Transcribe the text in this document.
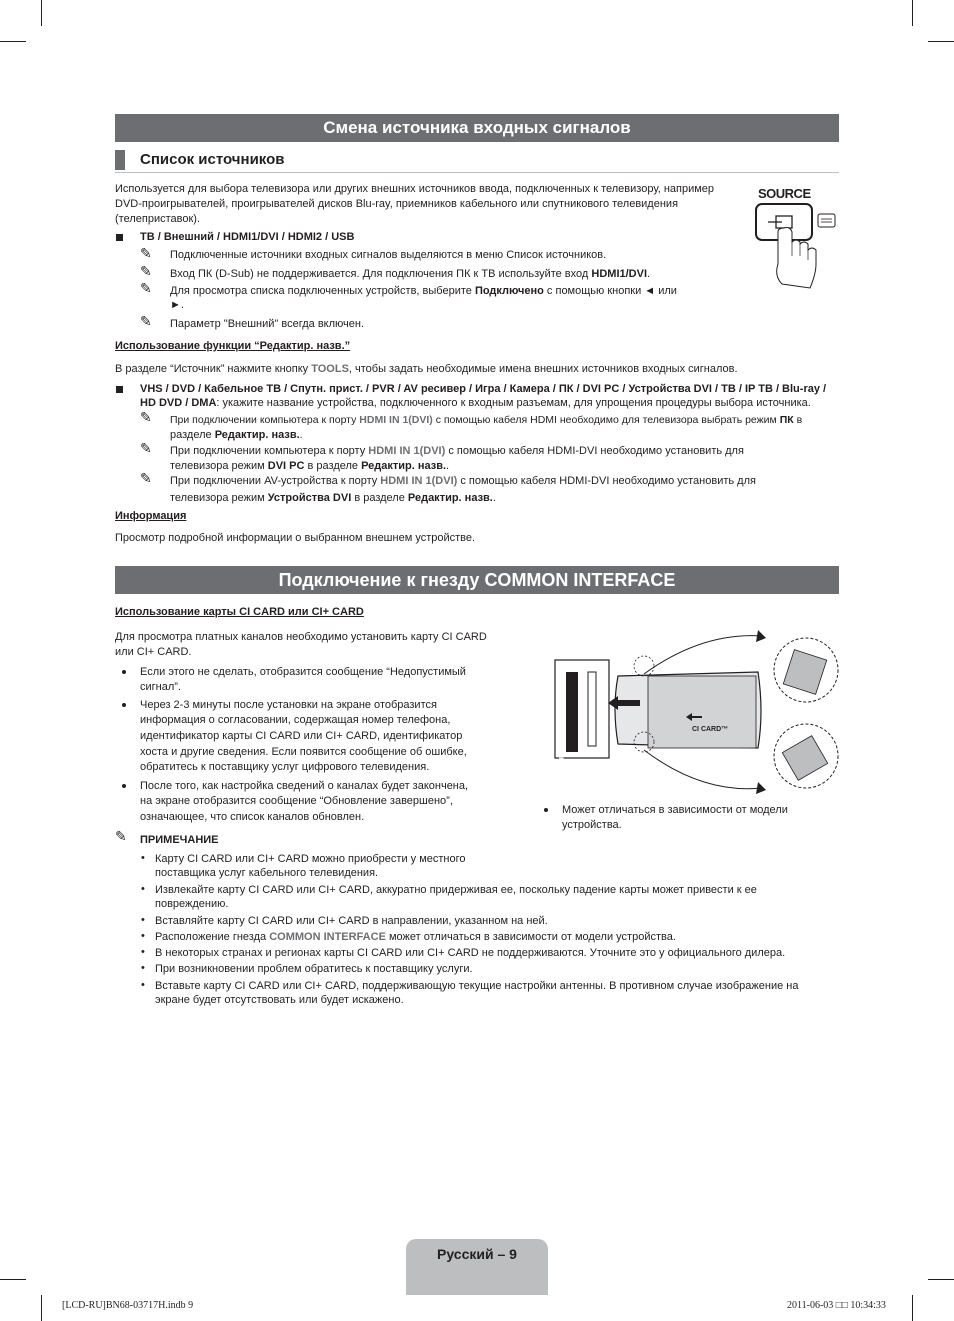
Смена источника входных сигналов
Список источников
Используется для выбора телевизора или других внешних источников ввода, подключенных к телевизору, например DVD-проигрывателей, проигрывателей дисков Blu-ray, приемников кабельного или спутникового телевидения (телеприставок).
SOURCE
ТВ / Внешний / HDMI1/DVI / HDMI2 / USB
✎ Подключенные источники входных сигналов выделяются в меню Список источников.
✎ Вход ПК (D-Sub) не поддерживается. Для подключения ПК к ТВ используйте вход HDMI1/DVI.
✎ Для просмотра списка подключенных устройств, выберите Подключено с помощью кнопки ◄ или
►.
✎ Параметр "Внешний" всегда включен.
Использование функции “Редактир. назв.”
В разделе “Источник” нажмите кнопку TOOLS, чтобы задать необходимые имена внешних источников входных сигналов.
VHS / DVD / Кабельное ТВ / Спутн. прист. / PVR / AV ресивер / Игра / Камера / ПК / DVI PC / Устройства DVI / ТВ / IP ТВ / Blu-ray /
HD DVD / DMA: укажите название устройства, подключенного к входным разъемам, для упрощения процедуры выбора источника.
✎ При подключении компьютера к порту HDMI IN 1(DVI) с помощью кабеля HDMI необходимо для телевизора выбрать режим ПК в
разделе Редактир. назв..
✎ При подключении компьютера к порту HDMI IN 1(DVI) с помощью кабеля HDMI-DVI необходимо установить для
телевизора режим DVI PC в разделе Редактир. назв..
✎ При подключении AV-устройства к порту HDMI IN 1(DVI) с помощью кабеля HDMI-DVI необходимо установить для
телевизора режим Устройства DVI в разделе Редактир. назв..
Информация
Просмотр подробной информации о выбранном внешнем устройстве.
Подключение к гнезду COMMON INTERFACE
Использование карты CI CARD или CI+ CARD
Для просмотра платных каналов необходимо установить карту CI CARD
или CI+ CARD.
Если этого не сделать, отобразится сообщение “Недопустимый
сигнал”.
Через 2-3 минуты после установки на экране отобразится
информация о согласовании, содержащая номер телефона,
идентификатор карты CI CARD или CI+ CARD, идентификатор
хоста и другие сведения. Если появится сообщение об ошибке,
обратитесь к поставщику услуг цифрового телевидения.
После того, как настройка сведений о каналах будет закончена,
на экране отобразится сообщение “Обновление завершено”,
означающее, что список каналов обновлен.
COMMON INTERFACE	CI CARD™
Может отличаться в зависимости от модели
устройства.
✎ ПРИМЕЧАНИЕ
• Карту CI CARD или CI+ CARD можно приобрести у местного
поставщика услуг кабельного телевидения.
• Извлекайте карту CI CARD или CI+ CARD, аккуратно придерживая ее, поскольку падение карты может привести к ее
повреждению.
• Вставляйте карту CI CARD или CI+ CARD в направлении, указанном на ней.
• Расположение гнезда COMMON INTERFACE может отличаться в зависимости от модели устройства.
• В некоторых странах и регионах карты CI CARD или CI+ CARD не поддерживаются. Уточните это у официального дилера.
• При возникновении проблем обратитесь к поставщику услуги.
• Вставьте карту CI CARD или CI+ CARD, поддерживающую текущие настройки антенны. В противном случае изображение на
экране будет отсутствовать или будет искажено.
Русский – 9
[LCD-RU]BN68-03717H.indb 9	2011-06-03 □□ 10:34:33
